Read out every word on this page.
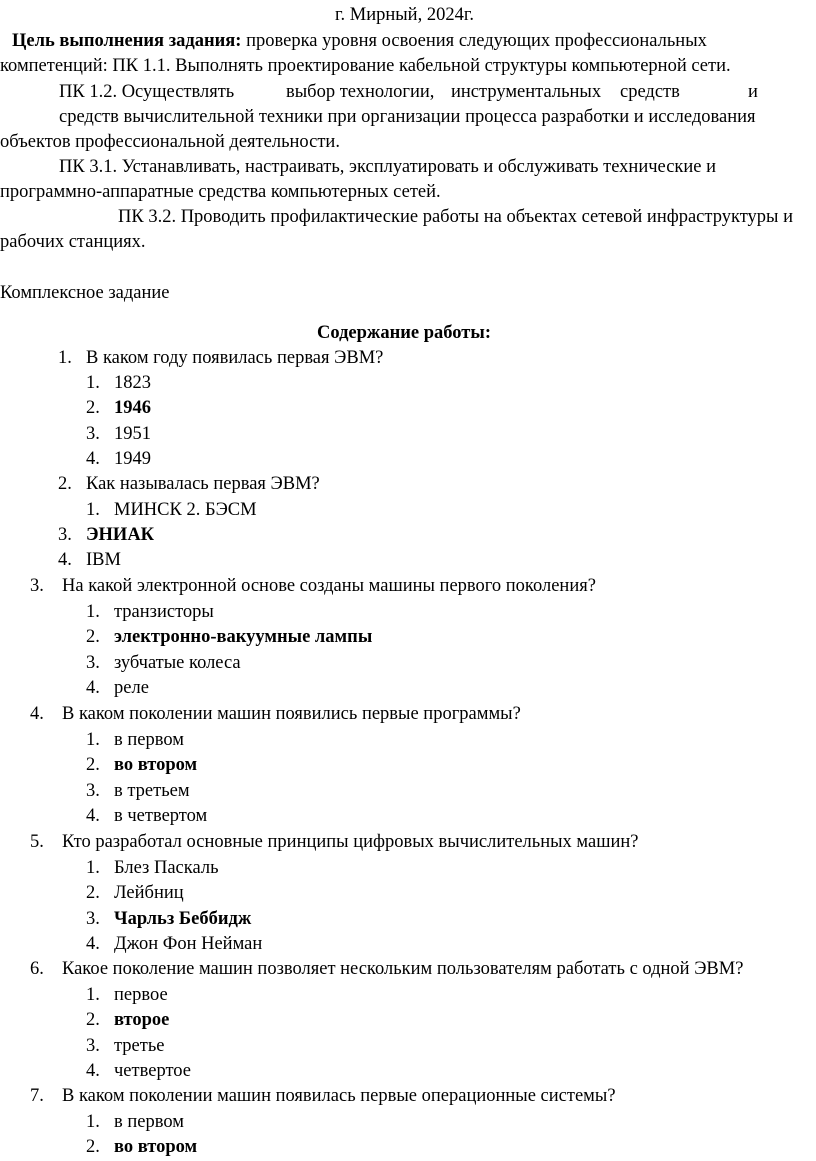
г. Мирный, 2024г.
Цель выполнения задания: проверка уровня освоения следующих профессиональных
компетенций: ПК 1.1. Выполнять проектирование кабельной структуры компьютерной сети.
ПК 1.2. Осуществлять	выбор технологии, инструментальных средств	и
средств вычислительной техники при организации процесса разработки и исследования
объектов профессиональной деятельности.
ПК 3.1. Устанавливать, настраивать, эксплуатировать и обслуживать технические и
программно-аппаратные средства компьютерных сетей.
ПК 3.2. Проводить профилактические работы на объектах сетевой инфраструктуры и
рабочих станциях.
Комплексное задание
Содержание работы:
1. В каком году появилась первая ЭВМ?
1. 1823
2. 1946
3. 1951
4. 1949
2. Как называлась первая ЭВМ?
1. МИНСК 2. БЭСМ
3. ЭНИАК
4. IBM
3. На какой электронной основе созданы машины первого поколения?
1. транзисторы
2. электронно-вакуумные лампы
3. зубчатые колеса
4. реле
4. В каком поколении машин появились первые программы?
1. в первом
2. во втором
3. в третьем
4. в четвертом
5. Кто разработал основные принципы цифровых вычислительных машин?
1. Блез Паскаль
2. Лейбниц
3. Чарльз Беббидж
4. Джон Фон Нейман
6. Какое поколение машин позволяет нескольким пользователям работать с одной ЭВМ?
1. первое
2. второе
3. третье
4. четвертое
7. В каком поколении машин появилась первые операционные системы?
1. в первом
2. во втором
